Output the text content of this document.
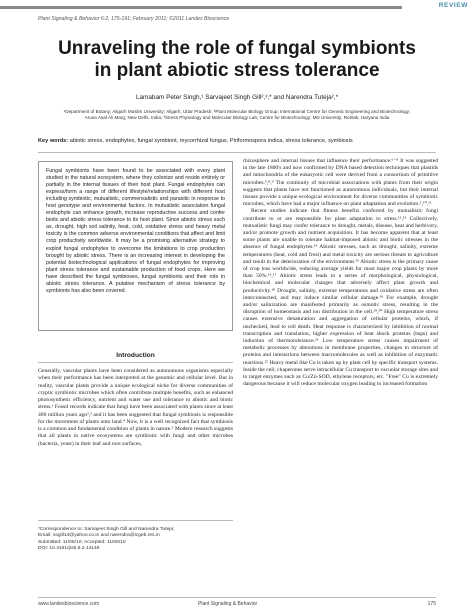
REVIEW
Plant Signaling & Behavior 6:2, 175-191; February 2011; ©2011 Landes Bioscience
Unraveling the role of fungal symbionts
in plant abiotic stress tolerance
Lamabam Peter Singh,¹ Sarvajeet Singh Gill²,³,* and Narendra Tuteja²,*
¹Department of Botany; Aligarh Muslim University; Aligarh, Uttar Pradesh; ²Plant Molecular Biology Group; International Centre for Genetic Engineering and Biotechnology;
Aruna Asaf Ali Marg; New Delhi, India; ³Stress Physiology and Molecular Biology Lab; Centre for Biotechnology; MD University; Rohtak, Haryana India
Key words: abiotic stress, endophytes, fungal symbiont, mycorrhizal fungus, Piriformospora indica, stress tolerance, symbiosis
Fungal symbionts have been found to be associated with every plant studied in the natural ecosystem, where they colonize and reside entirely or partially in the internal tissues of their host plant. Fungal endophytes can express/form a range of different lifestyle/relationships with different host including symbiotic, mutualistic, commensalistic and parasitic in response to host genotype and environmental factors. In mutualistic association fungal endophyte can enhance growth, increase reproductive success and confer biotic and abiotic stress tolerance to its host plant. Since abiotic stress such as, drought, high soil salinity, heat, cold, oxidative stress and heavy metal toxicity is the common adverse environmental conditions that affect and limit crop productivity worldwide. It may be a promising alternative strategy to exploit fungal endophytes to overcome the limitations to crop production brought by abiotic stress. There is an increasing interest in developing the potential biotechnological applications of fungal endophytes for improving plant stress tolerance and sustainable production of food crops. Here we have described the fungal symbioses, fungal symbionts and their role in abiotic stress tolerance. A putative mechanism of stress tolerance by symbionts has also been covered.
Introduction
Generally, vascular plants have been considered as autonomous organisms especially when their performance has been interpreted at the genomic and cellular level. But in reality, vascular plants provide a unique ecological niche for diverse communities of cryptic symbiotic microbes which often contribute multiple benefits, such as enhanced photosynthetic efficiency, nutrient and water use and tolerance to abiotic and biotic stress.¹ Fossil records indicate that fungi have been associated with plants since at least 400 million years ago²,³ and it has been suggested that fungal symbiosis is responsible for the movement of plants onto land.⁴ Now, it is a well recognized fact that symbiosis is a common and fundamental condition of plants in nature.⁵ Modern research suggests that all plants in native ecosystems are symbiotic with fungi and other microbes (bacteria, yeast) in their leaf and root surfaces,
*Correspondence to: Sarvajeet Singh Gill and Narendra Tuteja;
Email: ssgill14@yahoo.co.in and narendra@icgeb.res.in
Submitted: 11/06/10; Accepted: 11/06/10
DOI: 10.4161/psb.6.2.14146

rhizosphere and internal tissues that influence their performance.⁶⁻⁹ It was suggested in the late 1800's and now confirmed by DNA based detection techniques that plastids and mitochondria of the eukaryotic cell were derived from a consortium of primitive microbes.⁵,⁸,⁹ The continuity of microbial associations with plants from their origin suggests that plants have not functioned as autonomous individuals, but their internal tissues provide a unique ecological environment for diverse communities of symbiotic microbes, which have had a major influence on plant adaptation and evolution.⁵,¹⁰,¹¹

Recent studies indicate that fitness benefits conferred by mutualistic fungi contribute to or are responsible for plant adaptation to stress.¹²,¹³ Collectively, mutualistic fungi may confer tolerance to drought, metals, disease, heat and herbivory, and/or promote growth and nutrient acquisition. It has become apparent that at least some plants are unable to tolerate habitat-imposed abiotic and biotic stresses in the absence of fungal endophytes.¹⁴ Abiotic stresses, such as drought, salinity, extreme temperatures (heat, cold and frost) and metal toxicity are serious threats to agriculture and result in the deterioration of the environment.¹⁵ Abiotic stress is the primary cause of crop loss worldwide, reducing average yields for most major crop plants by more than 50%.¹⁶,¹⁷ Abiotic stress leads to a series of morphological, physiological, biochemical and molecular changes that adversely affect plant growth and productivity.¹⁸ Drought, salinity, extreme temperatures and oxidative stress are often interconnected, and may induce similar cellular damage.¹⁹ For example, drought and/or salinization are manifested primarily as osmotic stress, resulting in the disruption of homeostasis and ion distribution in the cell.¹⁹,²⁰ High temperature stress causes extensive denaturation and aggregation of cellular proteins, which, if unchecked, lead to cell death. Heat response is characterized by inhibition of normal transcription and translation, higher expression of heat shock proteins (hsps) and induction of thermotolerance.²¹ Low temperature stress causes impairment of metabolic processes by alterations in membrane properties, changes in structure of proteins and interactions between macromolecules as well as inhibition of enzymatic reactions.²² Heavy metal like Cu is taken up by plant cell by specific transport systems. Inside the cell, chaperones serve intracellular Cu transport to vacuolar storage sites and to target enzymes such as Cu/Zn-SOD, ethylene receptors, etc. "Free" Cu is extremely dangerous because it will reduce molecular oxygen leading to increased formation

www.landesbioscience.com	Plant Signaling & Behavior	175
